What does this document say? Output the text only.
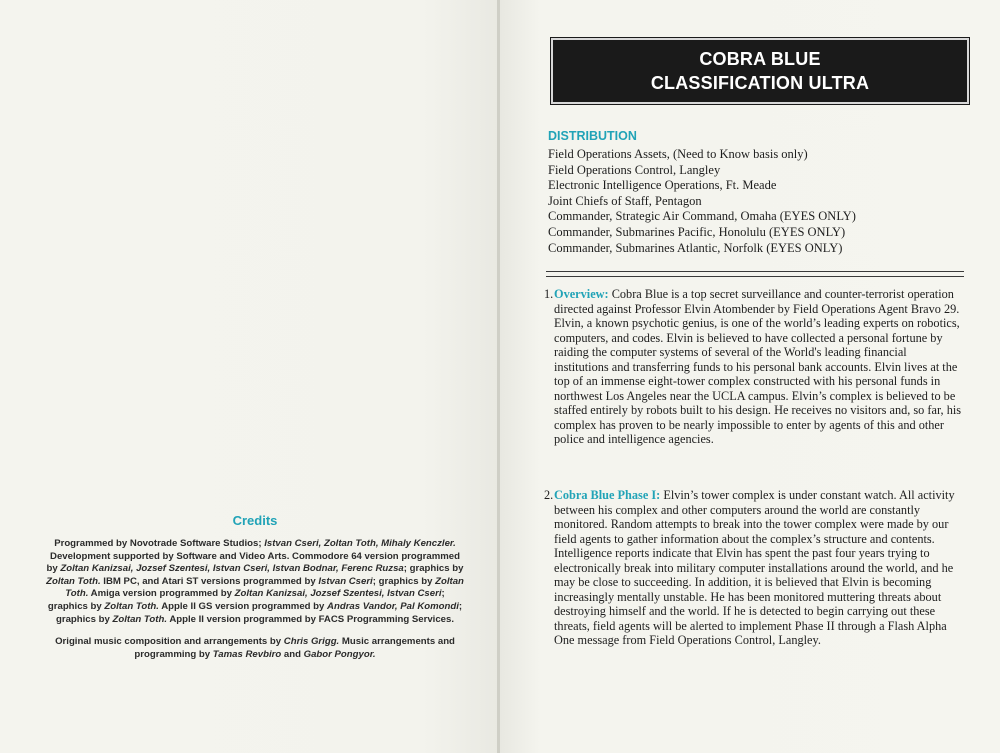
Credits

Programmed by Novotrade Software Studios; Istvan Cseri, Zoltan Toth, Mihaly Kenczler. Development supported by Software and Video Arts. Commodore 64 version programmed by Zoltan Kanizsai, Jozsef Szentesi, Istvan Cseri, Istvan Bodnar, Ferenc Ruzsa; graphics by Zoltan Toth. IBM PC, and Atari ST versions programmed by Istvan Cseri; graphics by Zoltan Toth. Amiga version programmed by Zoltan Kanizsai, Jozsef Szentesi, Istvan Cseri; graphics by Zoltan Toth. Apple II GS version programmed by Andras Vandor, Pal Komondi; graphics by Zoltan Toth. Apple II version programmed by FACS Programming Services.

Original music composition and arrangements by Chris Grigg. Music arrangements and programming by Tamas Revbiro and Gabor Pongyor.

COBRA BLUE
CLASSIFICATION ULTRA
DISTRIBUTION
Field Operations Assets, (Need to Know basis only)
Field Operations Control, Langley
Electronic Intelligence Operations, Ft. Meade
Joint Chiefs of Staff, Pentagon
Commander, Strategic Air Command, Omaha (EYES ONLY)
Commander, Submarines Pacific, Honolulu (EYES ONLY)
Commander, Submarines Atlantic, Norfolk (EYES ONLY)
1. Overview: Cobra Blue is a top secret surveillance and counter-terrorist operation directed against Professor Elvin Atombender by Field Operations Agent Bravo 29. Elvin, a known psychotic genius, is one of the world’s leading experts on robotics, computers, and codes. Elvin is believed to have collected a personal fortune by raiding the computer systems of several of the World's leading financial institutions and transferring funds to his personal bank accounts. Elvin lives at the top of an immense eight-tower complex constructed with his personal funds in northwest Los Angeles near the UCLA campus. Elvin’s complex is believed to be staffed entirely by robots built to his design. He receives no visitors and, so far, his complex has proven to be nearly impossible to enter by agents of this and other police and intelligence agencies.
2. Cobra Blue Phase I: Elvin’s tower complex is under constant watch. All activity between his complex and other computers around the world are constantly monitored. Random attempts to break into the tower complex were made by our field agents to gather information about the complex’s structure and contents. Intelligence reports indicate that Elvin has spent the past four years trying to electronically break into military computer installations around the world, and he may be close to succeeding. In addition, it is believed that Elvin is becoming increasingly mentally unstable. He has been monitored muttering threats about destroying himself and the world. If he is detected to begin carrying out these threats, field agents will be alerted to implement Phase II through a Flash Alpha One message from Field Operations Control, Langley.
